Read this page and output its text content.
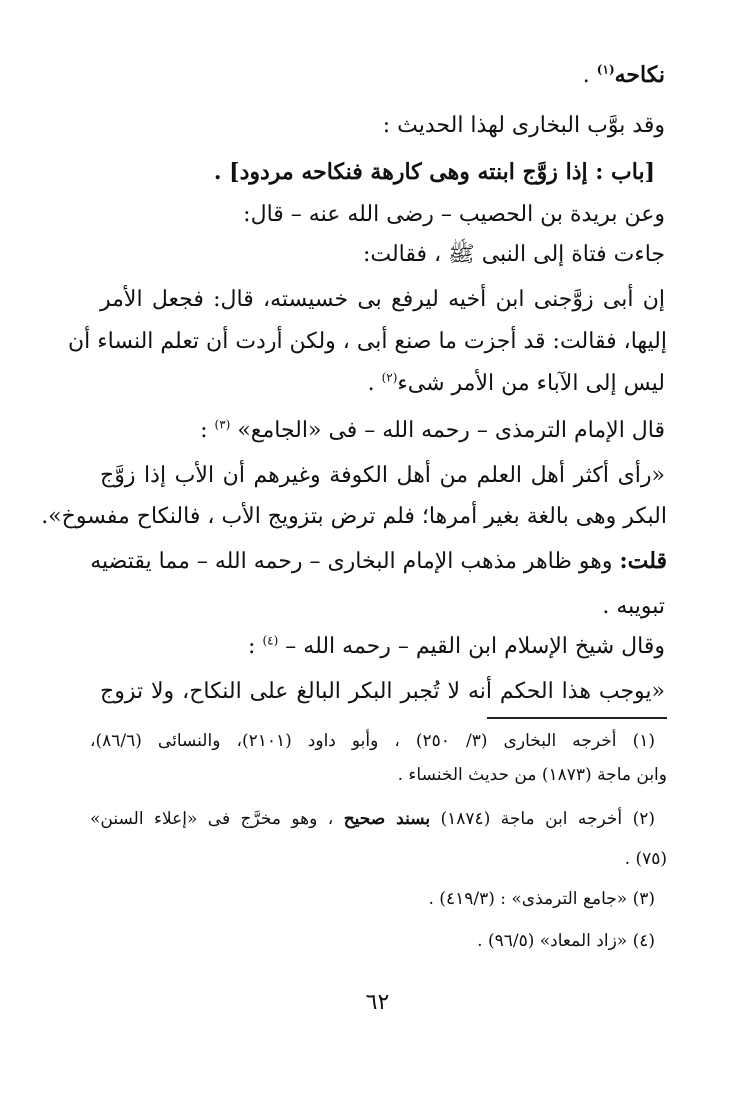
نكاحه$^{(١)}$ .
وقد بوَّب البخارى لهذا الحديث :
[باب : إذا زوَّج ابنته وهى كارهة فنكاحه مردود] .
وعن بريدة بن الحصيب – رضى الله عنه – قال:
جاءت فتاة إلى النبى ﷺ ، فقالت:
إن أبى زوَّجنى ابن أخيه ليرفع بى خسيسته، قال: فجعل الأمر
إليها، فقالت: قد أجزت ما صنع أبى ، ولكن أردت أن تعلم النساء أن
ليس إلى الآباء من الأمر شىء$^{(٢)}$ .
قال الإمام الترمذى – رحمه الله – فى «الجامع» $^{(٣)}$ :
«رأى أكثر أهل العلم من أهل الكوفة وغيرهم أن الأب إذا زوَّج
البكر وهى بالغة بغير أمرها؛ فلم ترض بتزويج الأب ، فالنكاح مفسوخ».
قلت: وهو ظاهر مذهب الإمام البخارى – رحمه الله – مما يقتضيه
تبويبه .
وقال شيخ الإسلام ابن القيم – رحمه الله – $^{(٤)}$ :
«يوجب هذا الحكم أنه لا تُجبر البكر البالغ على النكاح، ولا تزوج
(١) أخرجه البخارى (٣/ ٢٥٠) ، وأبو داود (٢١٠١)، والنسائى (٨٦/٦)،
وابن ماجة (١٨٧٣) من حديث الخنساء .
(٢) أخرجه ابن ماجة (١٨٧٤) بسند صحيح ، وهو مخرَّج فى «إعلاء السنن»
(٧٥) .
(٣) «جامع الترمذى» : (٤١٩/٣) .
(٤) «زاد المعاد» (٩٦/٥) .
٦٢
